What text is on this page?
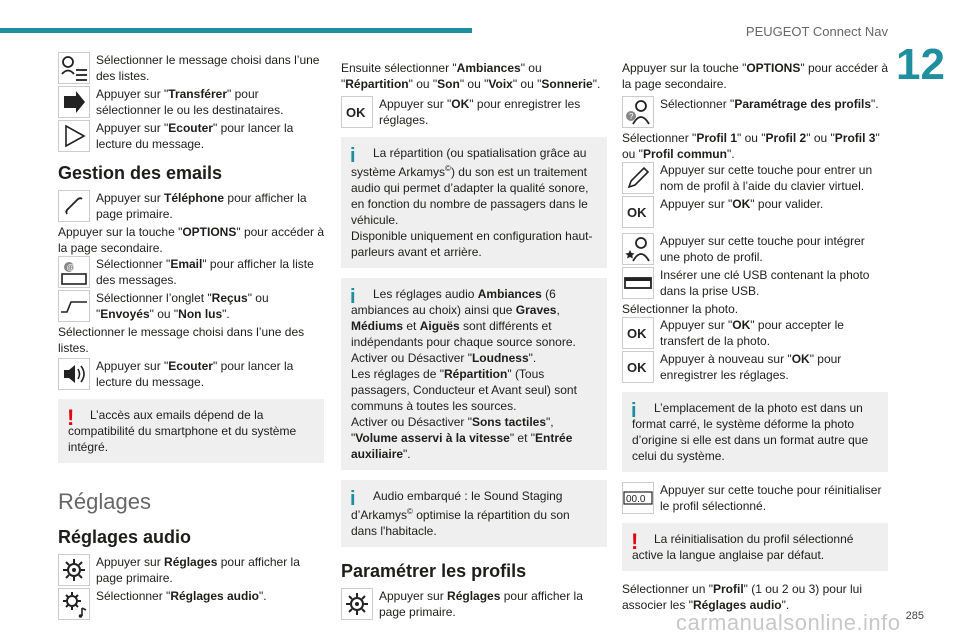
PEUGEOT Connect Nav
12
Sélectionner le message choisi dans l’une des listes.
Appuyer sur "Transférer" pour sélectionner le ou les destinataires.
Appuyer sur "Ecouter" pour lancer la lecture du message.
Gestion des emails
Appuyer sur Téléphone pour afficher la page primaire.
Appuyer sur la touche "OPTIONS" pour accéder à la page secondaire.
@ Sélectionner "Email" pour afficher la liste des messages.
Sélectionner l’onglet "Reçus" ou "Envoyés" ou "Non lus".
Sélectionner le message choisi dans l’une des listes.
Appuyer sur "Ecouter" pour lancer la lecture du message.
!	L’accès aux emails dépend de la compatibilité du smartphone et du système intégré.
Réglages
Réglages audio
Appuyer sur Réglages pour afficher la page primaire.
Sélectionner "Réglages audio".
Ensuite sélectionner "Ambiances" ou "Répartition" ou "Son" ou "Voix" ou "Sonnerie".
OK
Appuyer sur "OK" pour enregistrer les réglages.
i	La répartition (ou spatialisation grâce au système Arkamys©) du son est un traitement audio qui permet d’adapter la qualité sonore, en fonction du nombre de passagers dans le véhicule.
Disponible uniquement en configuration haut-parleurs avant et arrière.
i	Les réglages audio Ambiances (6 ambiances au choix) ainsi que Graves, Médiums et Aiguës sont différents et indépendants pour chaque source sonore.
Activer ou Désactiver "Loudness".
Les réglages de "Répartition" (Tous passagers, Conducteur et Avant seul) sont communs à toutes les sources.
Activer ou Désactiver "Sons tactiles", "Volume asservi à la vitesse" et "Entrée auxiliaire".
i	Audio embarqué : le Sound Staging d’Arkamys© optimise la répartition du son dans l'habitacle.
Paramétrer les profils
Appuyer sur Réglages pour afficher la page primaire.
Appuyer sur la touche "OPTIONS" pour accéder à la page secondaire.
?
Sélectionner "Paramétrage des profils".
Sélectionner "Profil 1" ou "Profil 2" ou "Profil 3" ou "Profil commun".
Appuyer sur cette touche pour entrer un nom de profil à l’aide du clavier virtuel.
OK
Appuyer sur "OK" pour valider.
Appuyer sur cette touche pour intégrer une photo de profil.
Insérer une clé USB contenant la photo dans la prise USB.
Sélectionner la photo.
OK
Appuyer sur "OK" pour accepter le transfert de la photo.
OK
Appuyer à nouveau sur "OK" pour enregistrer les réglages.
i	L’emplacement de la photo est dans un format carré, le système déforme la photo d’origine si elle est dans un format autre que celui du système.
00.0
Appuyer sur cette touche pour réinitialiser le profil sélectionné.
!	La réinitialisation du profil sélectionné active la langue anglaise par défaut.
Sélectionner un "Profil" (1 ou 2 ou 3) pour lui associer les "Réglages audio".
carmanualsonline.info 285
